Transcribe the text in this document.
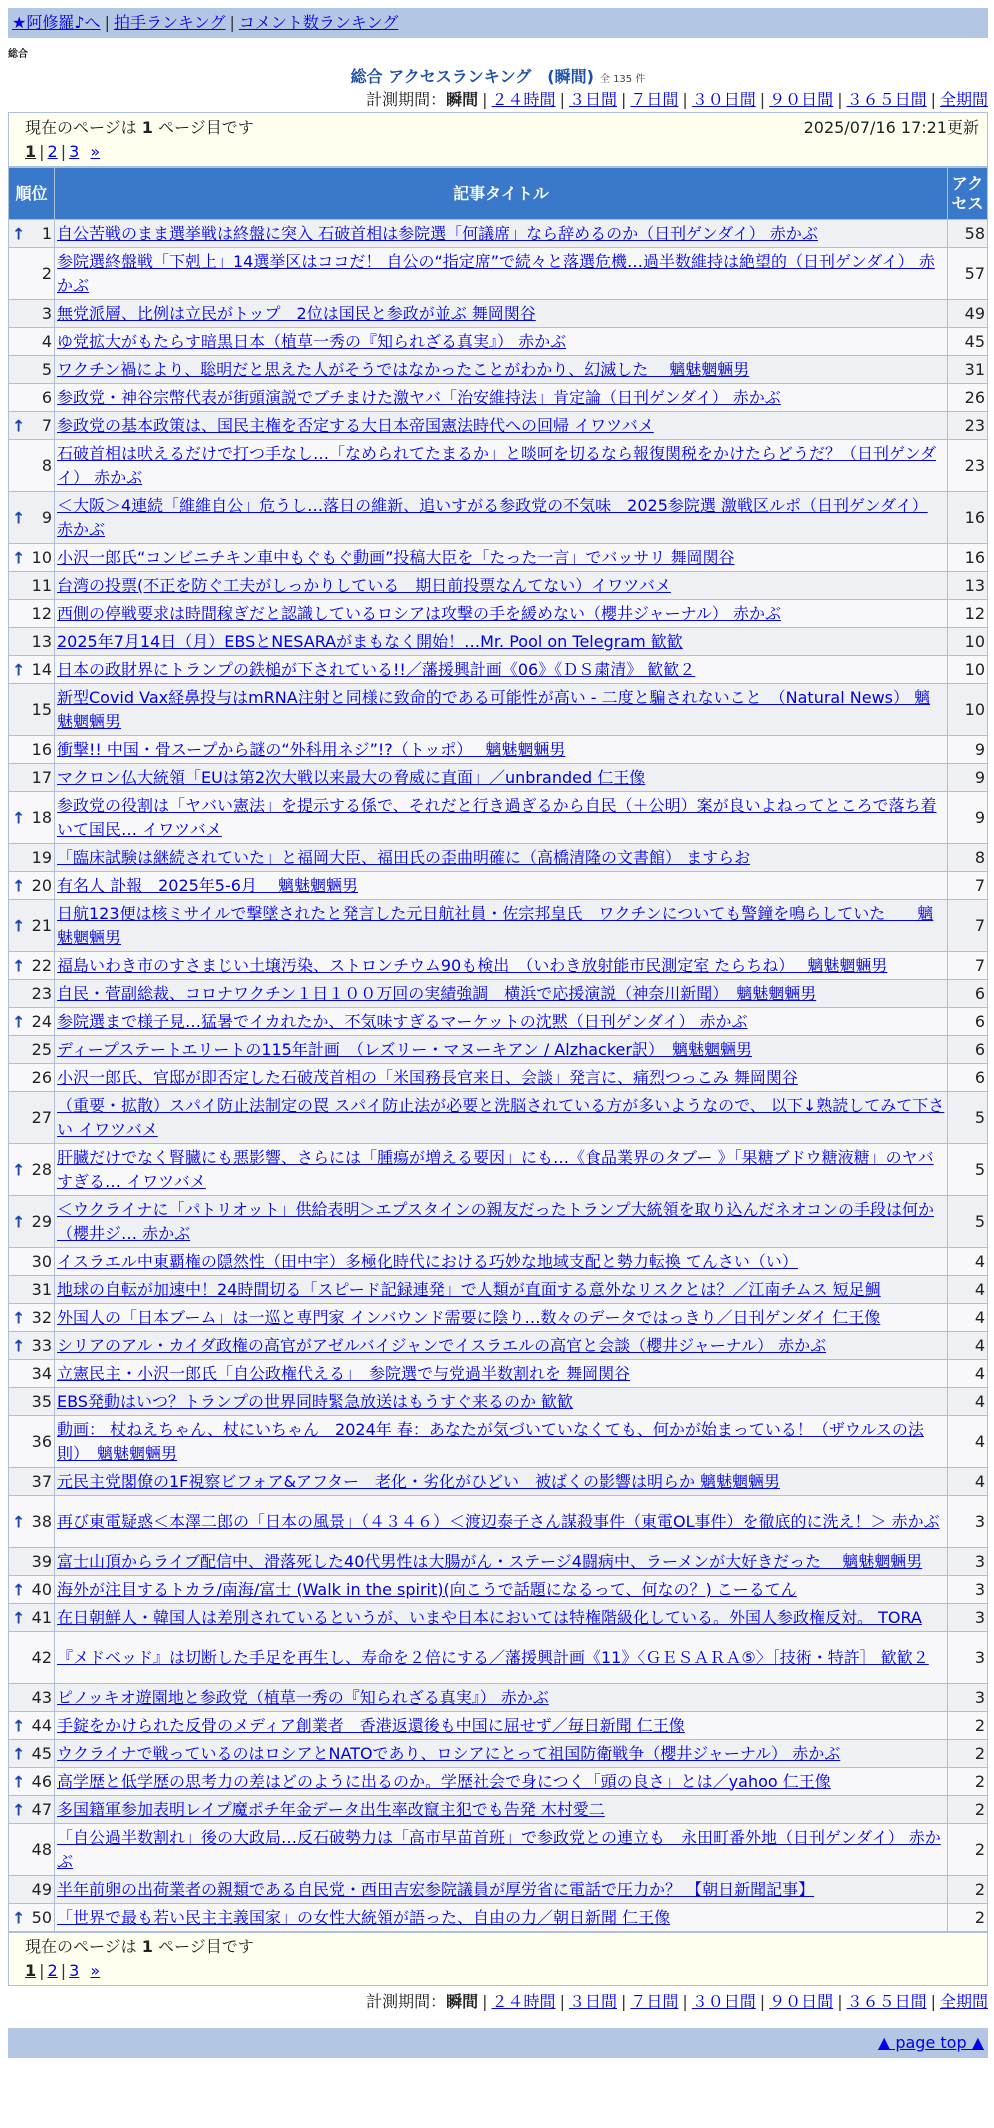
★阿修羅♪へ | 拍手ランキング | コメント数ランキング
総合
総合 アクセスランキング　(瞬間) 全 135 件
計測期間：瞬間 | ２４時間 | ３日間 | ７日間 | ３０日間 | ９０日間 | ３６５日間 | 全期間
現在のページは 1 ページ目です	2025/07/16 17:21更新
1 | 2 | 3 »
順位	記事タイトル	アクセス

↑ 1	自公苦戦のまま選挙戦は終盤に突入 石破首相は参院選「何議席」なら辞めるのか（日刊ゲンダイ） 赤かぶ	58
2	参院選終盤戦「下剋上」14選挙区はココだ！ 自公の“指定席”で続々と落選危機…過半数維持は絶望的（日刊ゲンダイ） 赤かぶ	57
3	無党派層、比例は立民がトップ　2位は国民と参政が並ぶ 舞岡関谷	49
4	ゆ党拡大がもたらす暗黒日本（植草一秀の『知られざる真実』） 赤かぶ	45
5	ワクチン禍により、聡明だと思えた人がそうではなかったことがわかり、幻滅した　 魑魅魍魎男	31
6	参政党・神谷宗幣代表が街頭演説でブチまけた激ヤバ「治安維持法」肯定論（日刊ゲンダイ） 赤かぶ	26

↑ 7	参政党の基本政策は、国民主権を否定する大日本帝国憲法時代への回帰 イワツバメ	23
8	石破首相は吠えるだけで打つ手なし…「なめられてたまるか」と啖呵を切るなら報復関税をかけたらどうだ？（日刊ゲンダイ） 赤かぶ	23

↑ 9	＜大阪＞4連続「維維自公」危うし…落日の維新、追いすがる参政党の不気味　2025参院選 激戦区ルポ（日刊ゲンダイ） 赤かぶ	16

↑ 10	小沢一郎氏“コンビニチキン車中もぐもぐ動画”投稿大臣を「たった一言」でバッサリ 舞岡関谷	16
11	台湾の投票(不正を防ぐ工夫がしっかりしている　期日前投票なんてない）イワツバメ	13
12	西側の停戦要求は時間稼ぎだと認識しているロシアは攻撃の手を緩めない（櫻井ジャーナル） 赤かぶ	12
13	2025年7月14日（月）EBSとNESARAがまもなく開始！…Mr. Pool on Telegram 歓歓	10

↑ 14	日本の政財界にトランプの鉄槌が下されている!!／藩援興計画《06》《ＤＳ粛清》 歓歓２	10
15	新型Covid Vax経鼻投与はmRNA注射と同様に致命的である可能性が高い - 二度と騙されないこと　（Natural News） 魑魅魍魎男	10
16	衝撃!! 中国・骨スープから謎の“外科用ネジ”!?（トッポ）　 魑魅魍魎男	9
17	マクロン仏大統領「EUは第2次大戦以来最大の脅威に直面」／unbranded 仁王像	9

↑ 18	参政党の役割は「ヤバい憲法」を提示する係で、それだと行き過ぎるから自民（＋公明）案が良いよねってところで落ち着いて国民… イワツバメ	9
19	「臨床試験は継続されていた」と福岡大臣、福田氏の歪曲明確に（高橋清隆の文書館） ますらお	8

↑ 20	有名人 訃報　2025年5-6月　 魑魅魍魎男	7

↑ 21	日航123便は核ミサイルで撃墜されたと発言した元日航社員・佐宗邦皇氏　ワクチンについても警鐘を鳴らしていた　　魑魅魍魎男	7

↑ 22	福島いわき市のすさまじい土壌汚染、ストロンチウム90も検出　（いわき放射能市民測定室 たらちね）　 魑魅魍魎男	7
23	自民・菅副総裁、コロナワクチン１日１００万回の実績強調　横浜で応援演説（神奈川新聞）　魑魅魍魎男	6

↑ 24	参院選まで様子見…猛暑でイカれたか、不気味すぎるマーケットの沈黙（日刊ゲンダイ） 赤かぶ	6
25	ディープステートエリートの115年計画　（レズリー・マヌーキアン / Alzhacker訳）　魑魅魍魎男	6
26	小沢一郎氏、官邸が即否定した石破茂首相の「米国務長官来日、会談」発言に、痛烈つっこみ 舞岡関谷	6
27	（重要・拡散）スパイ防止法制定の罠 スパイ防止法が必要と洗脳されている方が多いようなので、 以下↓熟読してみて下さい イワツバメ	5

↑ 28	肝臓だけでなく腎臓にも悪影響、さらには「腫瘍が増える要因」にも…《食品業界のタブー 》「果糖ブドウ糖液糖」のヤバすぎる… イワツバメ	5

↑ 29	＜ウクライナに「パトリオット」供給表明＞エプスタインの親友だったトランプ大統領を取り込んだネオコンの手段は何か（櫻井ジ… 赤かぶ	5
30	イスラエル中東覇権の隠然性（田中宇）多極化時代における巧妙な地域支配と勢力転換 てんさい（い）	4
31	地球の自転が加速中！24時間切る「スピード記録連発」で人類が直面する意外なリスクとは？／江南チムス 短足鯛	4

↑ 32	外国人の「日本ブーム」は一巡と専門家 インバウンド需要に陰り…数々のデータではっきり／日刊ゲンダイ 仁王像	4

↑ 33	シリアのアル・カイダ政権の高官がアゼルバイジャンでイスラエルの高官と会談（櫻井ジャーナル） 赤かぶ	4
34	立憲民主・小沢一郎氏「自公政権代える」　参院選で与党過半数割れを 舞岡関谷	4
35	EBS発動はいつ？トランプの世界同時緊急放送はもうすぐ来るのか 歓歓	4
36	動画： 杖ねえちゃん、杖にいちゃん　2024年 春：あなたが気づいていなくても、何かが始まっている！（ザウルスの法則）　魑魅魍魎男	4
37	元民主党閣僚の1F視察ビフォア&アフター　老化・劣化がひどい　被ばくの影響は明らか 魑魅魍魎男	4

↑ 38	再び東電疑惑＜本澤二郎の「日本の風景」（４３４６）＜渡辺泰子さん謀殺事件（東電OL事件）を徹底的に洗え！＞ 赤かぶ	3
39	富士山頂からライブ配信中、滑落死した40代男性は大腸がん・ステージ4闘病中、ラーメンが大好きだった　 魑魅魍魎男	3

↑ 40	海外が注目するトカラ/南海/富士 (Walk in the spirit)(向こうで話題になるって、何なの？) こーるてん	3

↑ 41	在日朝鮮人・韓国人は差別されているというが、いまや日本においては特権階級化している。外国人参政権反対。 TORA	3
42	『メドベッド』は切断した手足を再生し、寿命を２倍にする／藩援興計画《11》〈ＧＥＳＡＲＡ⑤〉［技術・特許］ 歓歓２	3
43	ピノッキオ遊園地と参政党（植草一秀の『知られざる真実』） 赤かぶ	3

↑ 44	手錠をかけられた反骨のメディア創業者　香港返還後も中国に屈せず／毎日新聞 仁王像	2

↑ 45	ウクライナで戦っているのはロシアとNATOであり、ロシアにとって祖国防衛戦争（櫻井ジャーナル） 赤かぶ	2

↑ 46	高学歴と低学歴の思考力の差はどのように出るのか。学歴社会で身につく「頭の良さ」とは／yahoo 仁王像	2

↑ 47	多国籍軍参加表明レイプ魔ポチ年金データ出生率改竄主犯でも告発 木村愛二	2
48	「自公過半数割れ」後の大政局…反石破勢力は「高市早苗首班」で参政党との連立も　永田町番外地（日刊ゲンダイ） 赤かぶ	2
49	半年前卵の出荷業者の親類である自民党・西田吉宏参院議員が厚労省に電話で圧力か？ 【朝日新聞記事】	2

↑ 50	「世界で最も若い民主主義国家」の女性大統領が語った、自由の力／朝日新聞 仁王像	2
現在のページは 1 ページ目です
1 | 2 | 3 »
計測期間：瞬間 | ２４時間 | ３日間 | ７日間 | ３０日間 | ９０日間 | ３６５日間 | 全期間
▲ page top ▲
